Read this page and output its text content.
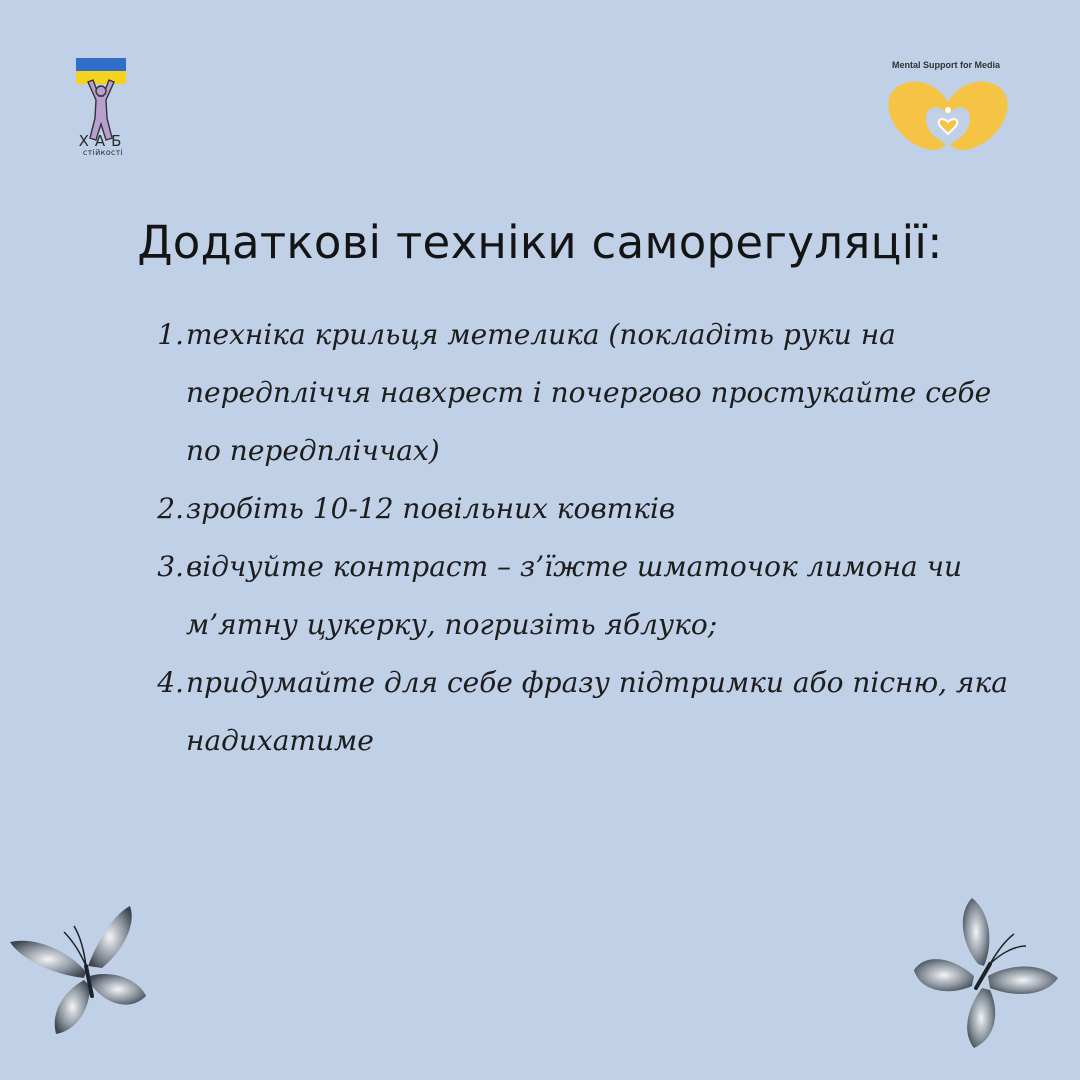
ХАБ
стійкості
Mental Support for Media
Додаткові техніки саморегуляції:
1. техніка крильця метелика (покладіть руки на передпліччя навхрест і почергово простукайте себе по передпліччах)
2. зробіть 10-12 повільних ковтків
3. відчуйте контраст – з’їжте шматочок лимона чи м’ятну цукерку, погризіть яблуко;
4. придумайте для себе фразу підтримки або пісню, яка надихатиме
